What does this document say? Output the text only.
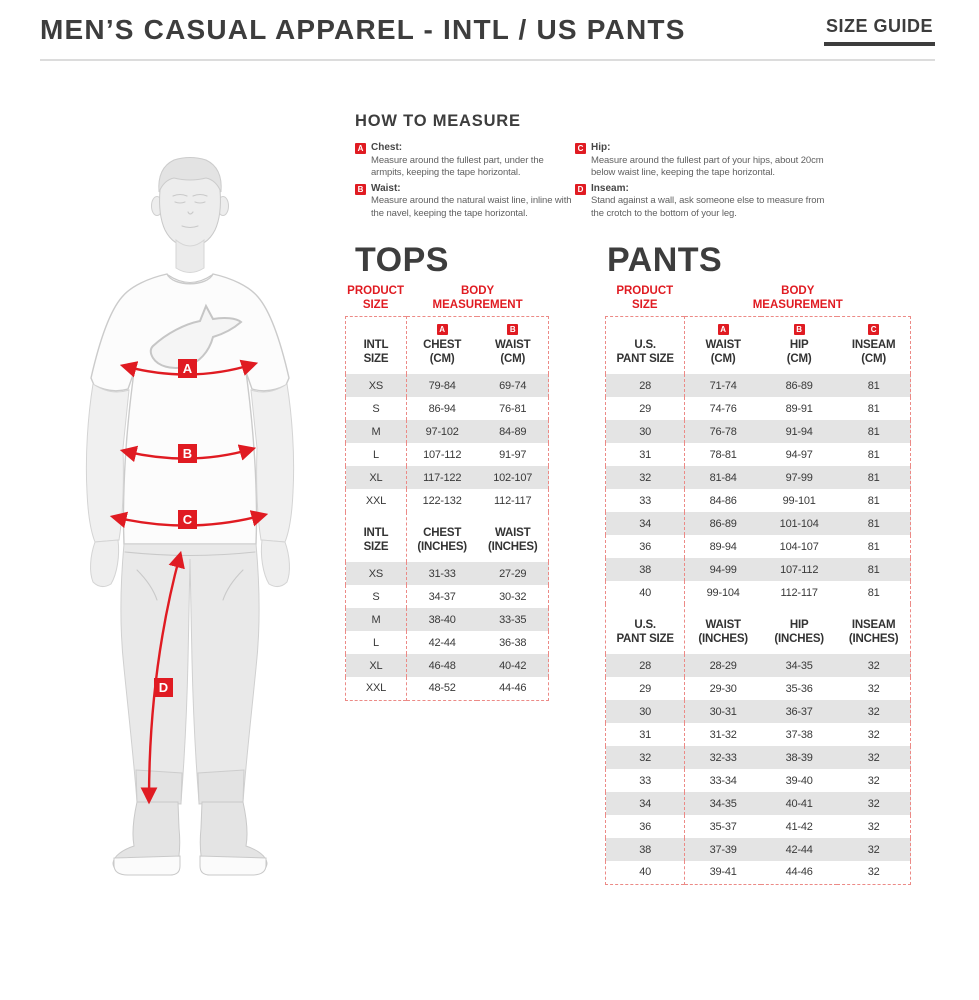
MEN’S CASUAL APPAREL - INTL / US PANTS	SIZE GUIDE
A
B
C
D
HOW TO MEASURE
A Chest:
Measure around the fullest part, under the armpits, keeping the tape horizontal.
B Waist:
Measure around the natural waist line, inline with the navel, keeping the tape horizontal.
C Hip:
Measure around the fullest part of your hips, about 20cm below waist line, keeping the tape horizontal.
D Inseam:
Stand against a wall, ask someone else to measure from the crotch to the bottom of your leg.
TOPS
PRODUCT
SIZE
BODY
MEASUREMENT
INTL
SIZE

A
CHEST
(CM)

B
WAIST
(CM)

XS	79-84	69-74
S	86-94	76-81
M	97-102	84-89
L	107-112	91-97
XL	117-122	102-107
XXL	122-132	112-117

INTL
SIZE

CHEST
(INCHES)

WAIST
(INCHES)

XS	31-33	27-29
S	34-37	30-32
M	38-40	33-35
L	42-44	36-38
XL	46-48	40-42
XXL	48-52	44-46
PANTS
PRODUCT
SIZE
BODY
MEASUREMENT
U.S.
PANT SIZE

A
WAIST
(CM)

B
HIP
(CM)

C
INSEAM
(CM)

28	71-74	86-89	81
29	74-76	89-91	81
30	76-78	91-94	81
31	78-81	94-97	81
32	81-84	97-99	81
33	84-86	99-101	81
34	86-89	101-104	81
36	89-94	104-107	81
38	94-99	107-112	81
40	99-104	112-117	81

U.S.
PANT SIZE

WAIST
(INCHES)

HIP
(INCHES)

INSEAM
(INCHES)

28	28-29	34-35	32
29	29-30	35-36	32
30	30-31	36-37	32
31	31-32	37-38	32
32	32-33	38-39	32
33	33-34	39-40	32
34	34-35	40-41	32
36	35-37	41-42	32
38	37-39	42-44	32
40	39-41	44-46	32
